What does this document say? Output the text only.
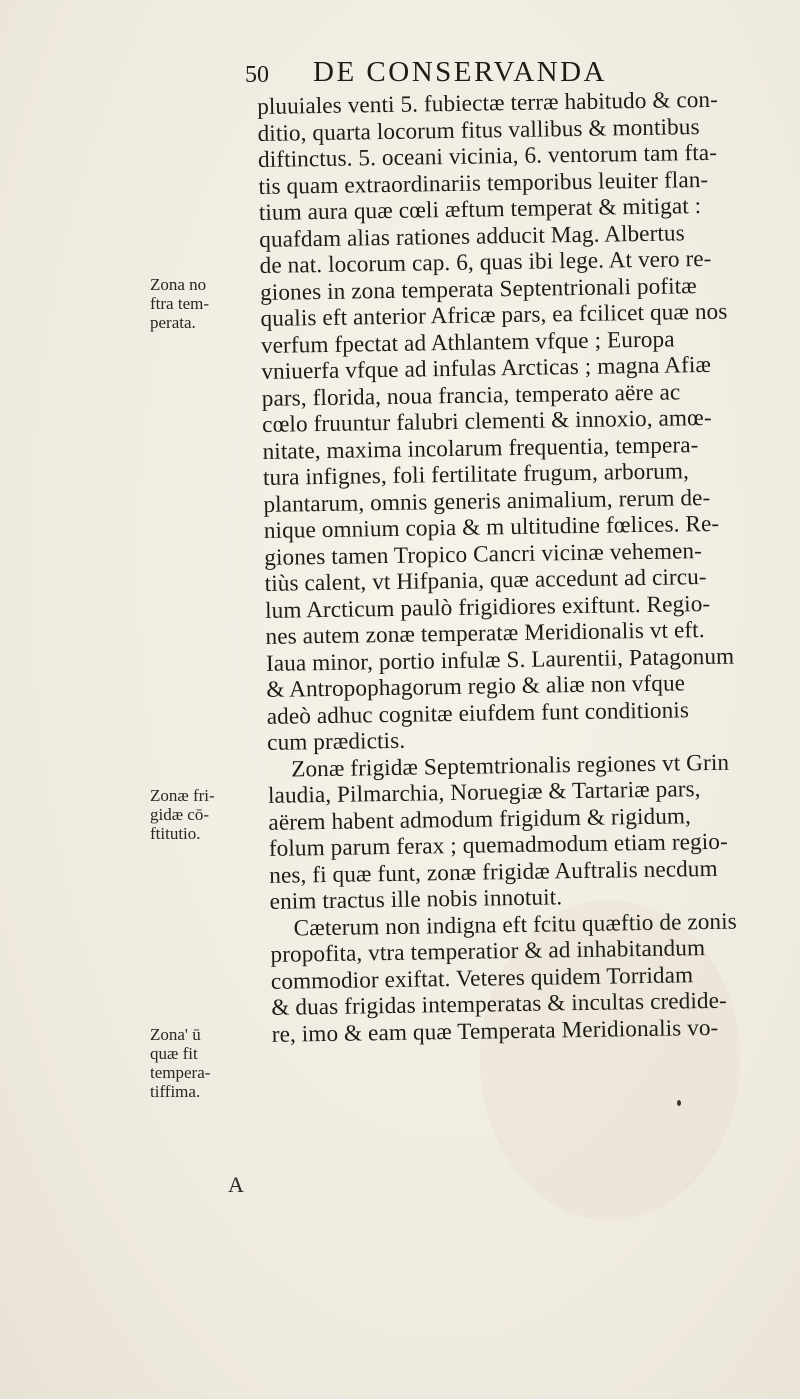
50 DE CONSERVANDA
pluuiales venti 5. fubiectæ terræ habitudo & con-
ditio, quarta locorum fitus vallibus & montibus
diftinctus. 5. oceani vicinia, 6. ventorum tam fta-
tis quam extraordinariis temporibus leuiter flan-
tium aura quæ cœli æftum temperat & mitigat :
quafdam alias rationes adducit Mag. Albertus
de nat. locorum cap. 6, quas ibi lege. At vero re-
giones in zona temperata Septentrionali pofitæ
qualis eft anterior Africæ pars, ea fcilicet quæ nos
verfum fpectat ad Athlantem vfque ; Europa
vniuerfa vfque ad infulas Arcticas ; magna Afiæ
pars, florida, noua francia, temperato aëre ac
cœlo fruuntur falubri clementi & innoxio, amœ-
nitate, maxima incolarum frequentia, tempera-
tura infignes, foli fertilitate frugum, arborum,
plantarum, omnis generis animalium, rerum de-
nique omnium copia & m ultitudine fœlices. Re-
giones tamen Tropico Cancri vicinæ vehemen-
tiùs calent, vt Hifpania, quæ accedunt ad circu-
lum Arcticum paulò frigidiores exiftunt. Regio-
nes autem zonæ temperatæ Meridionalis vt eft.
Iaua minor, portio infulæ S. Laurentii, Patagonum
& Antropophagorum regio & aliæ non vfque
adeò adhuc cognitæ eiufdem funt conditionis
cum prædictis.
Zonæ frigidæ Septemtrionalis regiones vt Grin
laudia, Pilmarchia, Noruegiæ & Tartariæ pars,
aërem habent admodum frigidum & rigidum,
folum parum ferax ; quemadmodum etiam regio-
nes, fi quæ funt, zonæ frigidæ Auftralis necdum
enim tractus ille nobis innotuit.
Cæterum non indigna eft fcitu quæftio de zonis
propofita, vtra temperatior & ad inhabitandum
commodior exiftat. Veteres quidem Torridam
& duas frigidas intemperatas & incultas credide-
re, imo & eam quæ Temperata Meridionalis vo-
Zona no
ftra tem-
perata.
Zonæ fri-
gidæ cō-
ftitutio.
Zona' ū
quæ fit
tempera-
tiffima.
A
